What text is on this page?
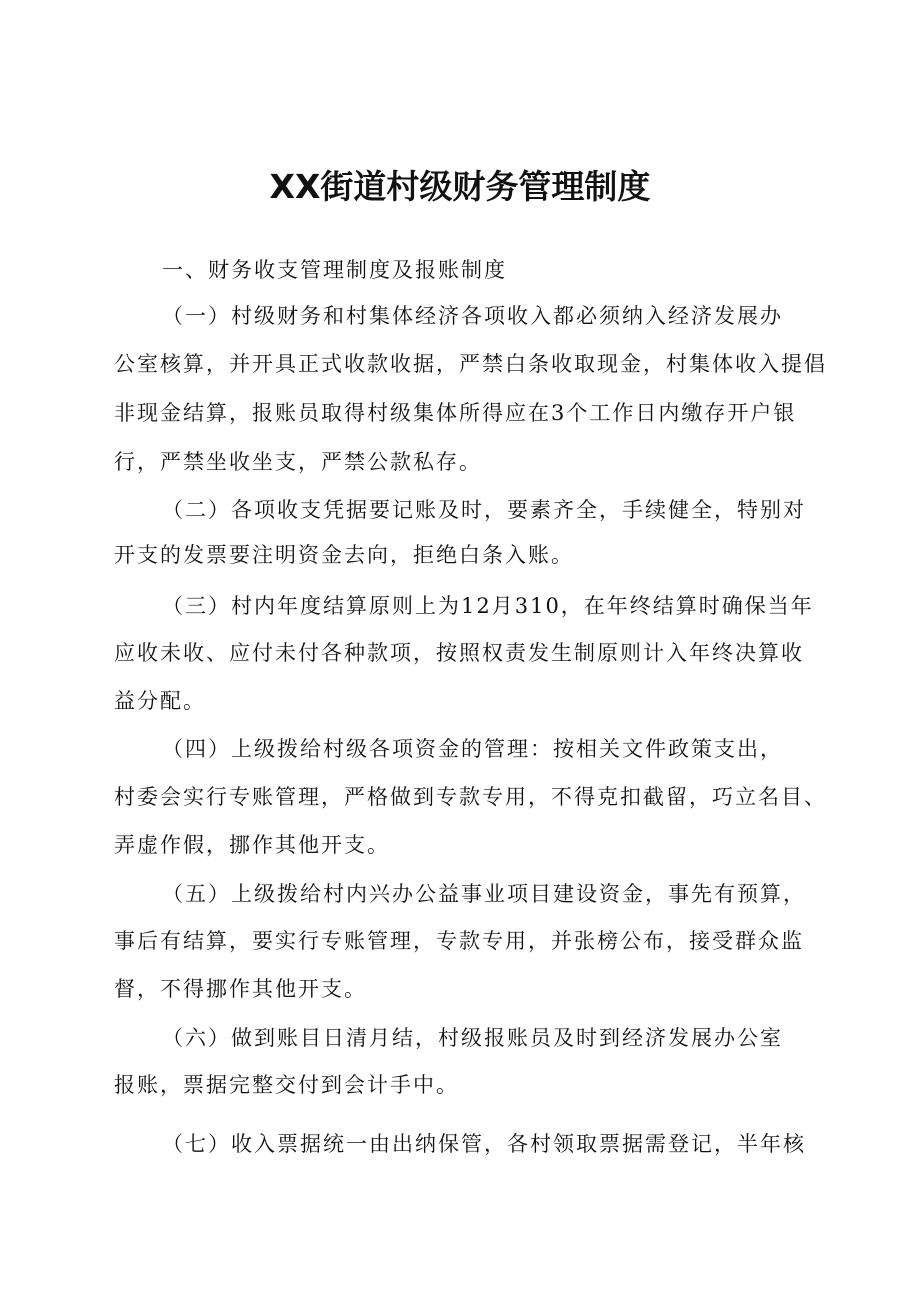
XX街道村级财务管理制度
一、财务收支管理制度及报账制度
（一）村级财务和村集体经济各项收入都必须纳入经济发展办
公室核算，并开具正式收款收据，严禁白条收取现金，村集体收入提倡
非现金结算，报账员取得村级集体所得应在3个工作日内缴存开户银
行，严禁坐收坐支，严禁公款私存。
（二）各项收支凭据要记账及时，要素齐全，手续健全，特别对
开支的发票要注明资金去向，拒绝白条入账。
（三）村内年度结算原则上为12月310，在年终结算时确保当年
应收未收、应付未付各种款项，按照权责发生制原则计入年终决算收
益分配。
（四）上级拨给村级各项资金的管理：按相关文件政策支出，
村委会实行专账管理，严格做到专款专用，不得克扣截留，巧立名目、
弄虚作假，挪作其他开支。
（五）上级拨给村内兴办公益事业项目建设资金，事先有预算，
事后有结算，要实行专账管理，专款专用，并张榜公布，接受群众监
督，不得挪作其他开支。
（六）做到账目日清月结，村级报账员及时到经济发展办公室
报账，票据完整交付到会计手中。
（七）收入票据统一由出纳保管，各村领取票据需登记，半年核
